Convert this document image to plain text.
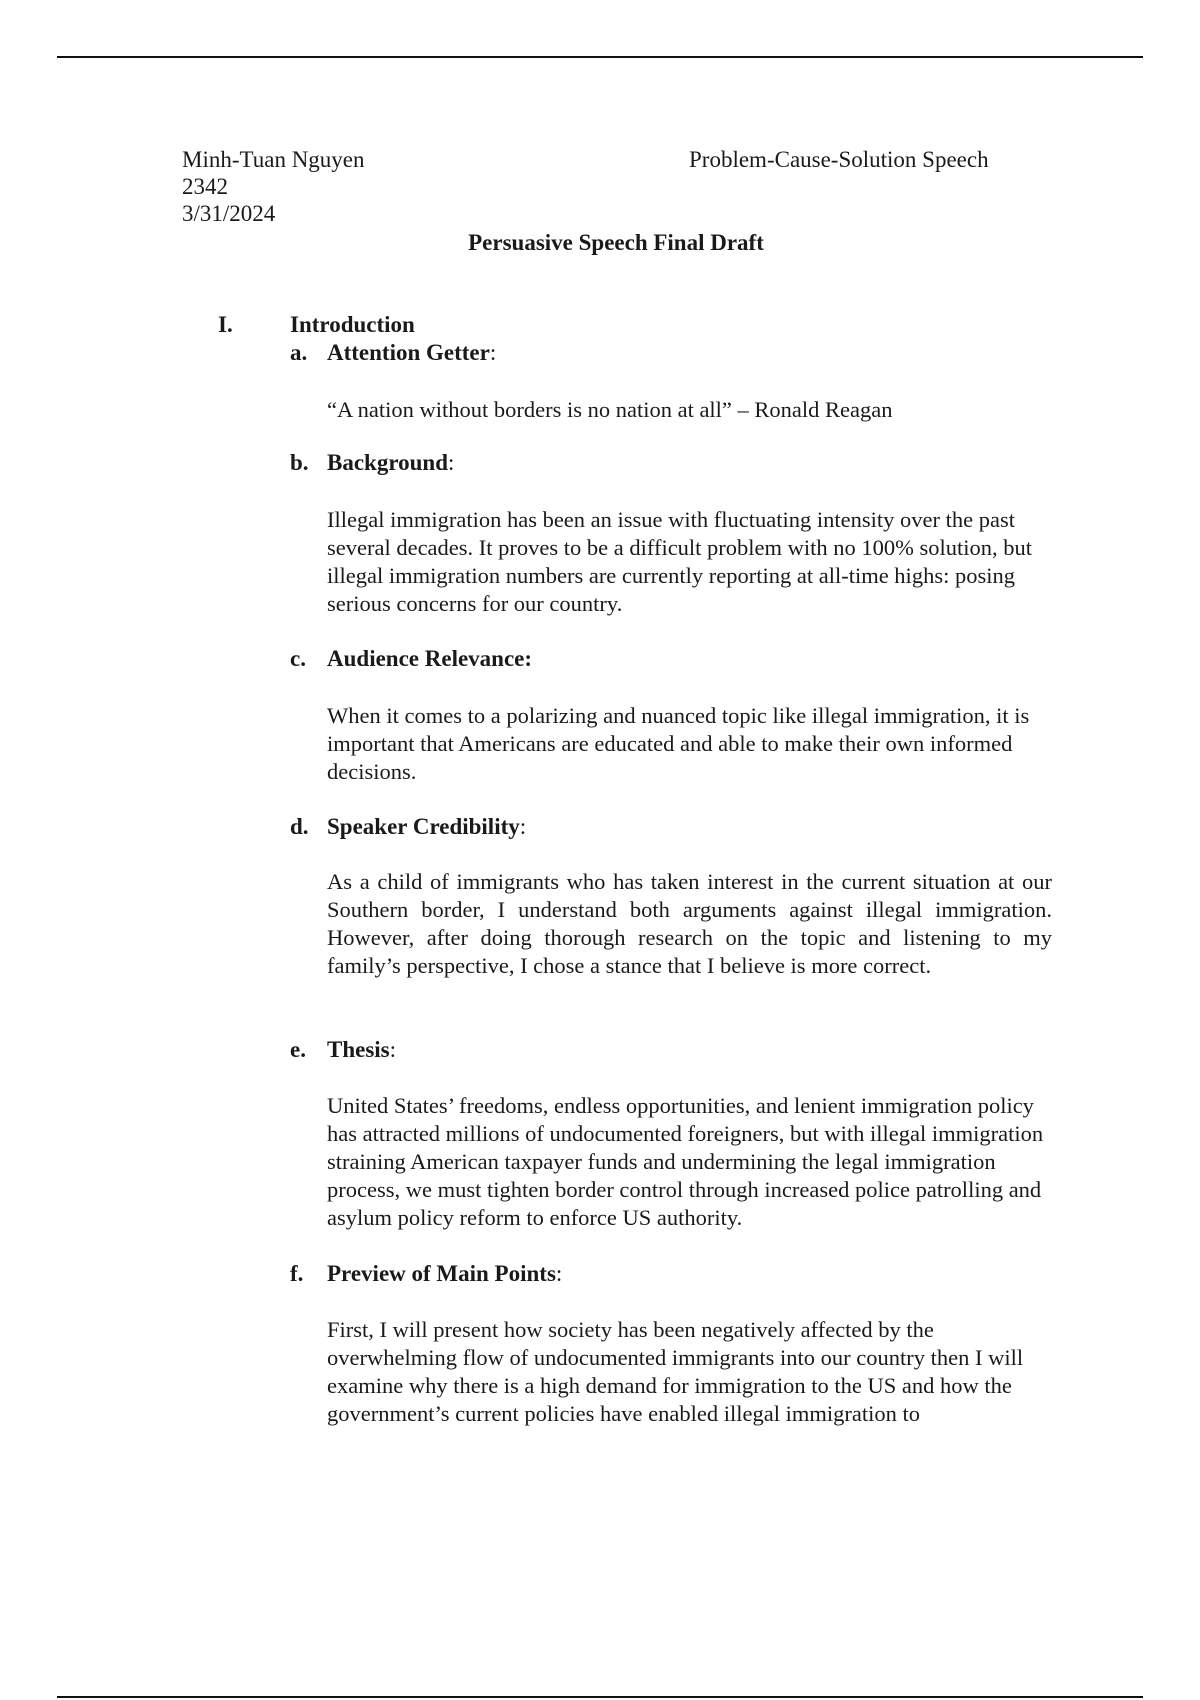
Minh-Tuan Nguyen
2342
3/31/2024
Problem-Cause-Solution Speech
Persuasive Speech Final Draft
I. Introduction
a. Attention Getter:
“A nation without borders is no nation at all” – Ronald Reagan
b. Background:
Illegal immigration has been an issue with fluctuating intensity over the past several decades. It proves to be a difficult problem with no 100% solution, but illegal immigration numbers are currently reporting at all-time highs: posing serious concerns for our country.
c. Audience Relevance:
When it comes to a polarizing and nuanced topic like illegal immigration, it is important that Americans are educated and able to make their own informed decisions.
d. Speaker Credibility:
As a child of immigrants who has taken interest in the current situation at our Southern border, I understand both arguments against illegal immigration. However, after doing thorough research on the topic and listening to my family’s perspective, I chose a stance that I believe is more correct.
e. Thesis:
United States’ freedoms, endless opportunities, and lenient immigration policy has attracted millions of undocumented foreigners, but with illegal immigration straining American taxpayer funds and undermining the legal immigration process, we must tighten border control through increased police patrolling and asylum policy reform to enforce US authority.
f. Preview of Main Points:
First, I will present how society has been negatively affected by the overwhelming flow of undocumented immigrants into our country then I will examine why there is a high demand for immigration to the US and how the government’s current policies have enabled illegal immigration to
